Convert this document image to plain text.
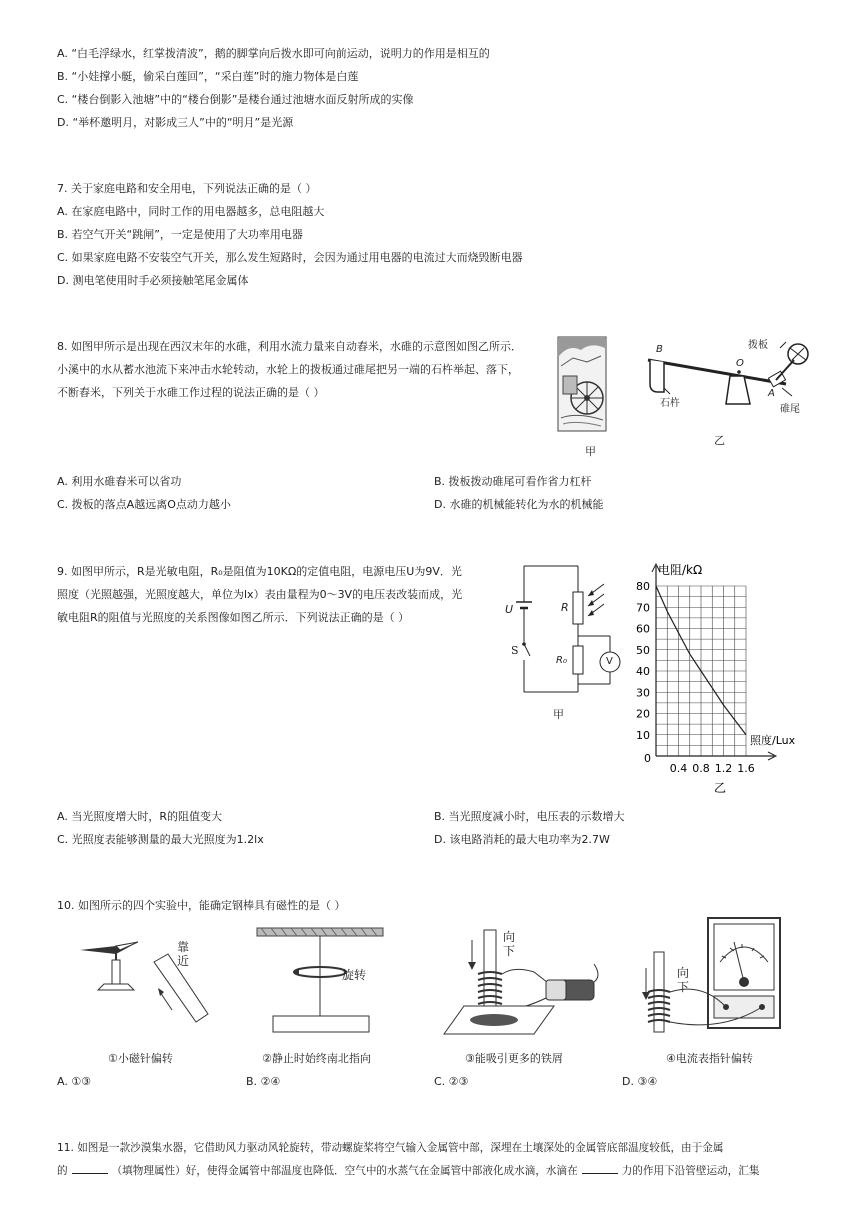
A. “白毛浮绿水，红掌拨清波”，鹅的脚掌向后拨水即可向前运动，说明力的作用是相互的
B. “小娃撑小艇，偷采白莲回”，“采白莲”时的施力物体是白莲
C. “楼台倒影入池塘”中的“楼台倒影”是楼台通过池塘水面反射所成的实像
D. “举杯邀明月，对影成三人”中的“明月”是光源
7. 关于家庭电路和安全用电，下列说法正确的是（ ）
A. 在家庭电路中，同时工作的用电器越多，总电阻越大
B. 若空气开关“跳闸”，一定是使用了大功率用电器
C. 如果家庭电路不安装空气开关，那么发生短路时，会因为通过用电器的电流过大而烧毁断电器
D. 测电笔使用时手必须接触笔尾金属体
8. 如图甲所示是出现在西汉末年的水碓，利用水流力量来自动舂米，水碓的示意图如图乙所示．
小溪中的水从蓄水池流下来冲击水轮转动，水轮上的拨板通过碓尾把另一端的石杵举起、落下，
不断舂米，下列关于水碓工作过程的说法正确的是（ ）
甲
B
O
A
拨板
石杵
碓尾
乙
A. 利用水碓舂米可以省功	B. 拨板拨动碓尾可看作省力杠杆
C. 拨板的落点A越远离O点动力越小	D. 水碓的机械能转化为水的机械能
9. 如图甲所示，R是光敏电阻，R₀是阻值为10KΩ的定值电阻，电源电压U为9V．光
照度（光照越强，光照度越大，单位为lx）表由量程为0～3V的电压表改装而成，光
敏电阻R的阻值与光照度的关系图像如图乙所示．下列说法正确的是（ ）
U
S
R
R₀	V
甲
10
20
30
40
50
60
70
80
0.4 0.8 1.2 1.6
电阻/kΩ
照度/Lux
0
乙
A. 当光照度增大时，R的阻值变大	B. 当光照度减小时，电压表的示数增大
C. 光照度表能够测量的最大光照度为1.2lx	D. 该电路消耗的最大电功率为2.7W
10. 如图所示的四个实验中，能确定钢棒具有磁性的是（ ）
靠近
旋转
向下
向下
①小磁针偏转	②静止时始终南北指向	③能吸引更多的铁屑	④电流表指针偏转
A. ①③	B. ②④	C. ②③	D. ③④
11. 如图是一款沙漠集水器，它借助风力驱动风轮旋转，带动螺旋桨将空气输入金属管中部，深埋在土壤深处的金属管底部温度较低，由于金属
的	（填物理属性）好，使得金属管中部温度也降低．空气中的水蒸气在金属管中部液化成水滴，水滴在	力的作用下沿管壁运动，汇集
